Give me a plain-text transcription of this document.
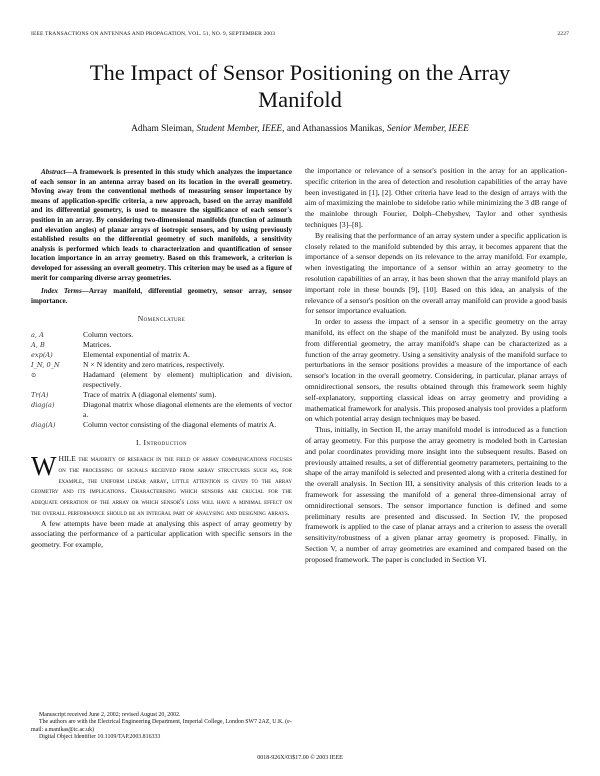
IEEE TRANSACTIONS ON ANTENNAS AND PROPAGATION, VOL. 51, NO. 9, SEPTEMBER 2003	2227
The Impact of Sensor Positioning on the Array Manifold
Adham Sleiman, Student Member, IEEE, and Athanassios Manikas, Senior Member, IEEE

Abstract—A framework is presented in this study which analyzes the importance of each sensor in an antenna array based on its location in the overall geometry. Moving away from the conventional methods of measuring sensor importance by means of application-specific criteria, a new approach, based on the array manifold and its differential geometry, is used to measure the significance of each sensor's position in an array. By considering two-dimensional manifolds (function of azimuth and elevation angles) of planar arrays of isotropic sensors, and by using previously established results on the differential geometry of such manifolds, a sensitivity analysis is performed which leads to characterization and quantification of sensor location importance in an array geometry. Based on this framework, a criterion is developed for assessing an overall geometry. This criterion may be used as a figure of merit for comparing diverse array geometries.

Index Terms—Array manifold, differential geometry, sensor array, sensor importance.

Nomenclature
a, A	Column vectors.
A, B	Matrices.
exp(A)	Elemental exponential of matrix A.
I_N, 0_N	N × N identity and zero matrices, respectively.
⊙	Hadamard (element by element) multiplication and division, respectively.
Tr(A)	Trace of matrix A (diagonal elements' sum).
diag(a)	Diagonal matrix whose diagonal elements are the elements of vector a.
diag(A)	Column vector consisting of the diagonal elements of matrix A.
I. Introduction

WHILE the majority of research in the field of array communications focuses on the processing of signals received from array structures such as, for example, the uniform linear array, little attention is given to the array geometry and its implications. Characterising which sensors are crucial for the adequate operation of the array or which sensor's loss will have a minimal effect on the overall performance should be an integral part of analysing and designing arrays.

A few attempts have been made at analysing this aspect of array geometry by associating the performance of a particular application with specific sensors in the geometry. For example,

Manuscript received June 2, 2002; revised August 20, 2002.
The authors are with the Electrical Engineering Department, Imperial College, London SW7 2AZ, U.K. (e-mail: a.manikas@ic.ac.uk)
Digital Object Identifier 10.1109/TAP.2003.816333

the importance or relevance of a sensor's position in the array for an application-specific criterion in the area of detection and resolution capabilities of the array have been investigated in [1], [2]. Other criteria have lead to the design of arrays with the aim of maximizing the mainlobe to sidelobe ratio while minimizing the 3 dB range of the mainlobe through Fourier, Dolph–Chebyshev, Taylor and other synthesis techniques [3]–[8].

By realising that the performance of an array system under a specific application is closely related to the manifold subtended by this array, it becomes apparent that the importance of a sensor depends on its relevance to the array manifold. For example, when investigating the importance of a sensor within an array geometry to the resolution capabilities of an array, it has been shown that the array manifold plays an important role in these bounds [9], [10]. Based on this idea, an analysis of the relevance of a sensor's position on the overall array manifold can provide a good basis for sensor importance evaluation.

In order to assess the impact of a sensor in a specific geometry on the array manifold, its effect on the shape of the manifold must be analyzed. By using tools from differential geometry, the array manifold's shape can be characterized as a function of the array geometry. Using a sensitivity analysis of the manifold surface to perturbations in the sensor positions provides a measure of the importance of each sensor's location in the overall geometry. Considering, in particular, planar arrays of omnidirectional sensors, the results obtained through this framework seem highly self-explanatory, supporting classical ideas on array geometry and providing a mathematical framework for analysis. This proposed analysis tool provides a platform on which potential array design techniques may be based.

Thus, initially, in Section II, the array manifold model is introduced as a function of array geometry. For this purpose the array geometry is modeled both in Cartesian and polar coordinates providing more insight into the subsequent results. Based on previously attained results, a set of differential geometry parameters, pertaining to the shape of the array manifold is selected and presented along with a criteria destined for the overall analysis. In Section III, a sensitivity analysis of this criterion leads to a framework for assessing the manifold of a general three-dimensional array of omnidirectional sensors. The sensor importance function is defined and some preliminary results are presented and discussed. In Section IV, the proposed framework is applied to the case of planar arrays and a criterion to assess the overall sensitivity/robustness of a given planar array geometry is proposed. Finally, in Section V, a number of array geometries are examined and compared based on the proposed framework. The paper is concluded in Section VI.

0018-926X/03$17.00 © 2003 IEEE
